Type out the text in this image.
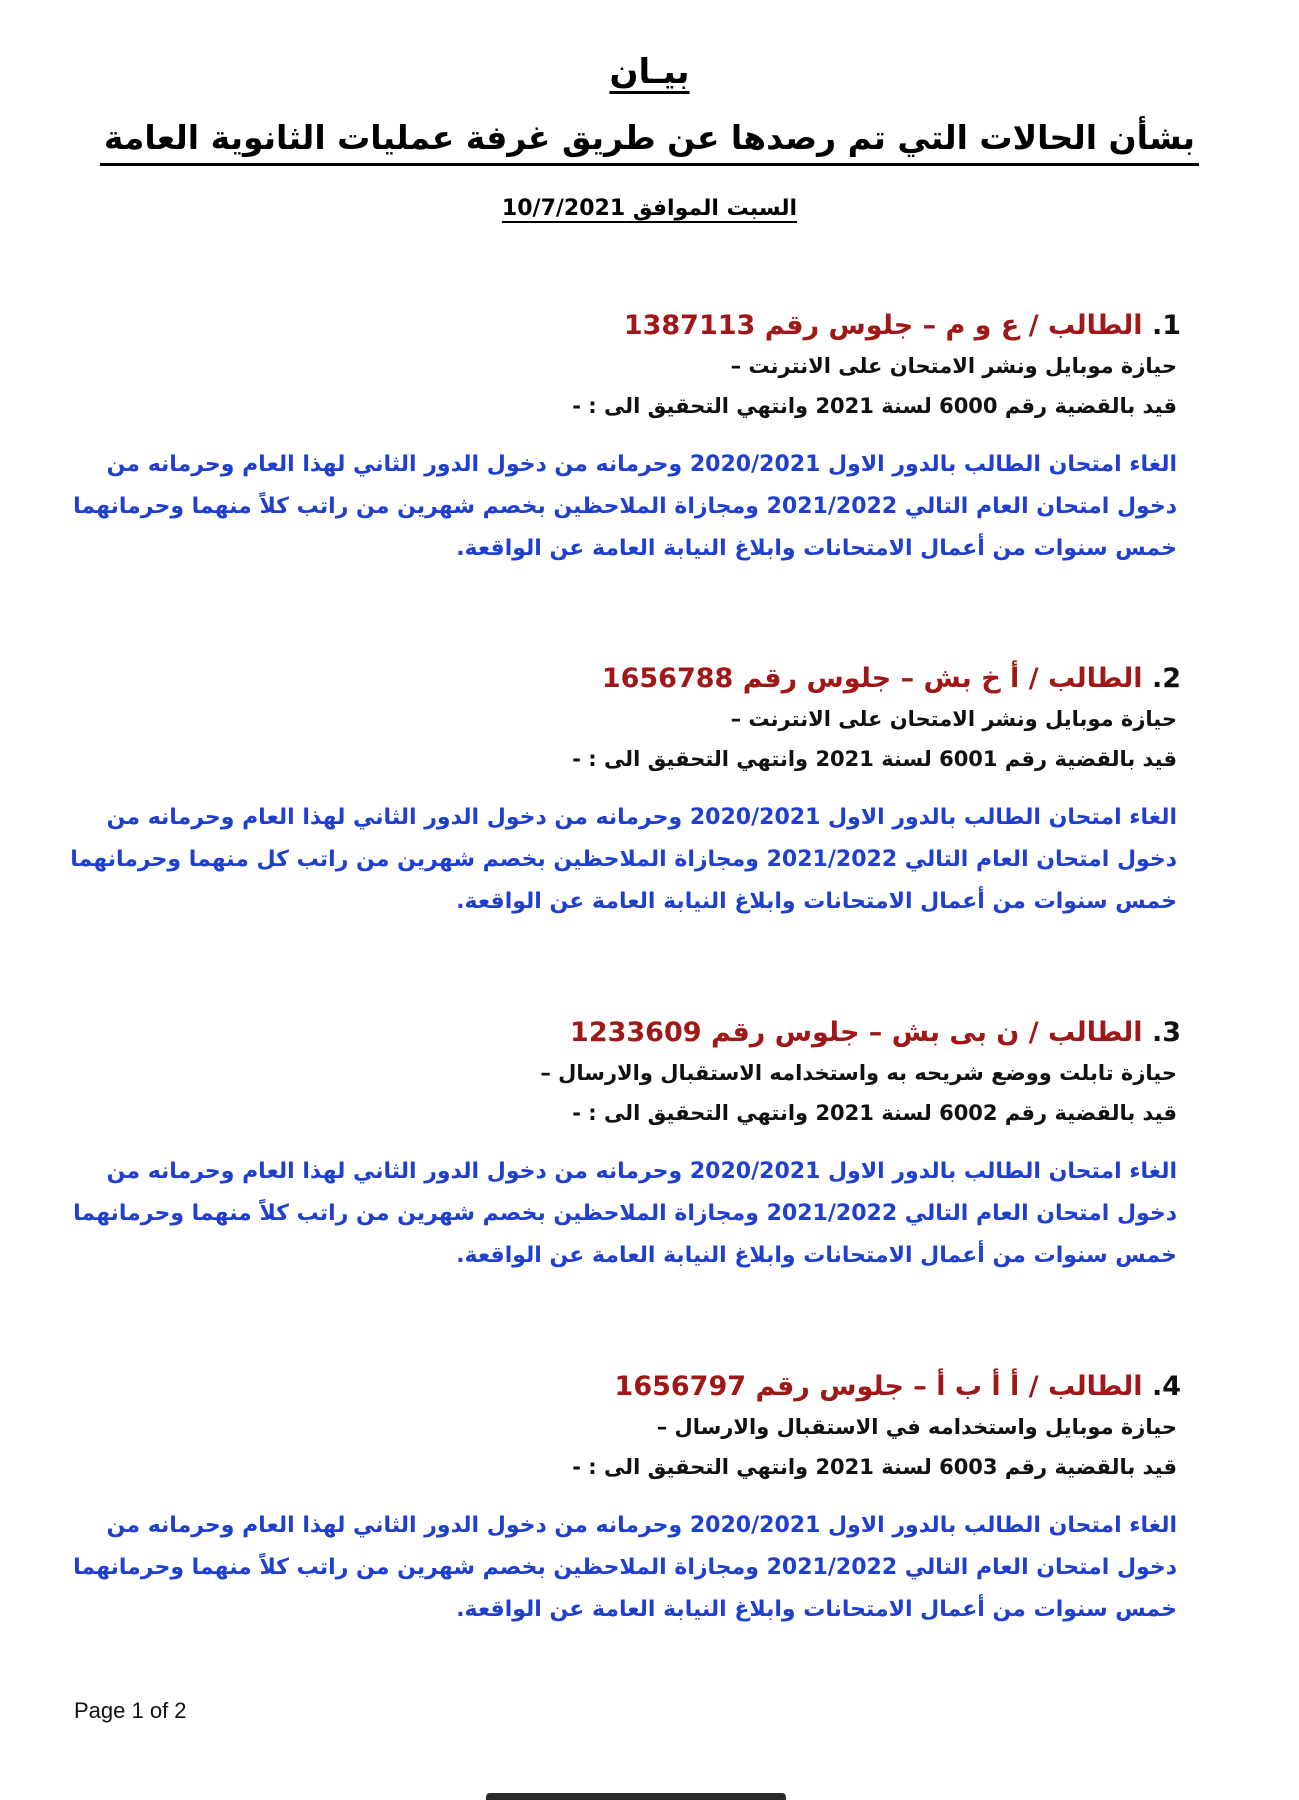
بيـان
بشأن الحالات التي تم رصدها عن طريق غرفة عمليات الثانوية العامة
السبت الموافق 10/7/2021
1. الطالب / ع و م – جلوس رقم 1387113
حيازة موبايل ونشر الامتحان على الانترنت –
قيد بالقضية رقم 6000 لسنة 2021 وانتهي التحقيق الى : -
الغاء امتحان الطالب بالدور الاول 2020/2021 وحرمانه من دخول الدور الثاني لهذا العام وحرمانه من
دخول امتحان العام التالي 2021/2022 ومجازاة الملاحظين بخصم شهرين من راتب كلاً منهما وحرمانهما
خمس سنوات من أعمال الامتحانات وابلاغ النيابة العامة عن الواقعة.
2. الطالب / أ خ بش – جلوس رقم 1656788
حيازة موبايل ونشر الامتحان على الانترنت –
قيد بالقضية رقم 6001 لسنة 2021 وانتهي التحقيق الى : -
الغاء امتحان الطالب بالدور الاول 2020/2021 وحرمانه من دخول الدور الثاني لهذا العام وحرمانه من
دخول امتحان العام التالي 2021/2022 ومجازاة الملاحظين بخصم شهرين من راتب كل منهما وحرمانهما
خمس سنوات من أعمال الامتحانات وابلاغ النيابة العامة عن الواقعة.
3. الطالب / ن بى بش – جلوس رقم 1233609
حيازة تابلت ووضع شريحه به واستخدامه الاستقبال والارسال –
قيد بالقضية رقم 6002 لسنة 2021 وانتهي التحقيق الى : -
الغاء امتحان الطالب بالدور الاول 2020/2021 وحرمانه من دخول الدور الثاني لهذا العام وحرمانه من
دخول امتحان العام التالي 2021/2022 ومجازاة الملاحظين بخصم شهرين من راتب كلاً منهما وحرمانهما
خمس سنوات من أعمال الامتحانات وابلاغ النيابة العامة عن الواقعة.
4. الطالب / أ أ ب أ – جلوس رقم 1656797
حيازة موبايل واستخدامه في الاستقبال والارسال –
قيد بالقضية رقم 6003 لسنة 2021 وانتهي التحقيق الى : -
الغاء امتحان الطالب بالدور الاول 2020/2021 وحرمانه من دخول الدور الثاني لهذا العام وحرمانه من
دخول امتحان العام التالي 2021/2022 ومجازاة الملاحظين بخصم شهرين من راتب كلاً منهما وحرمانهما
خمس سنوات من أعمال الامتحانات وابلاغ النيابة العامة عن الواقعة.
Page 1 of 2
